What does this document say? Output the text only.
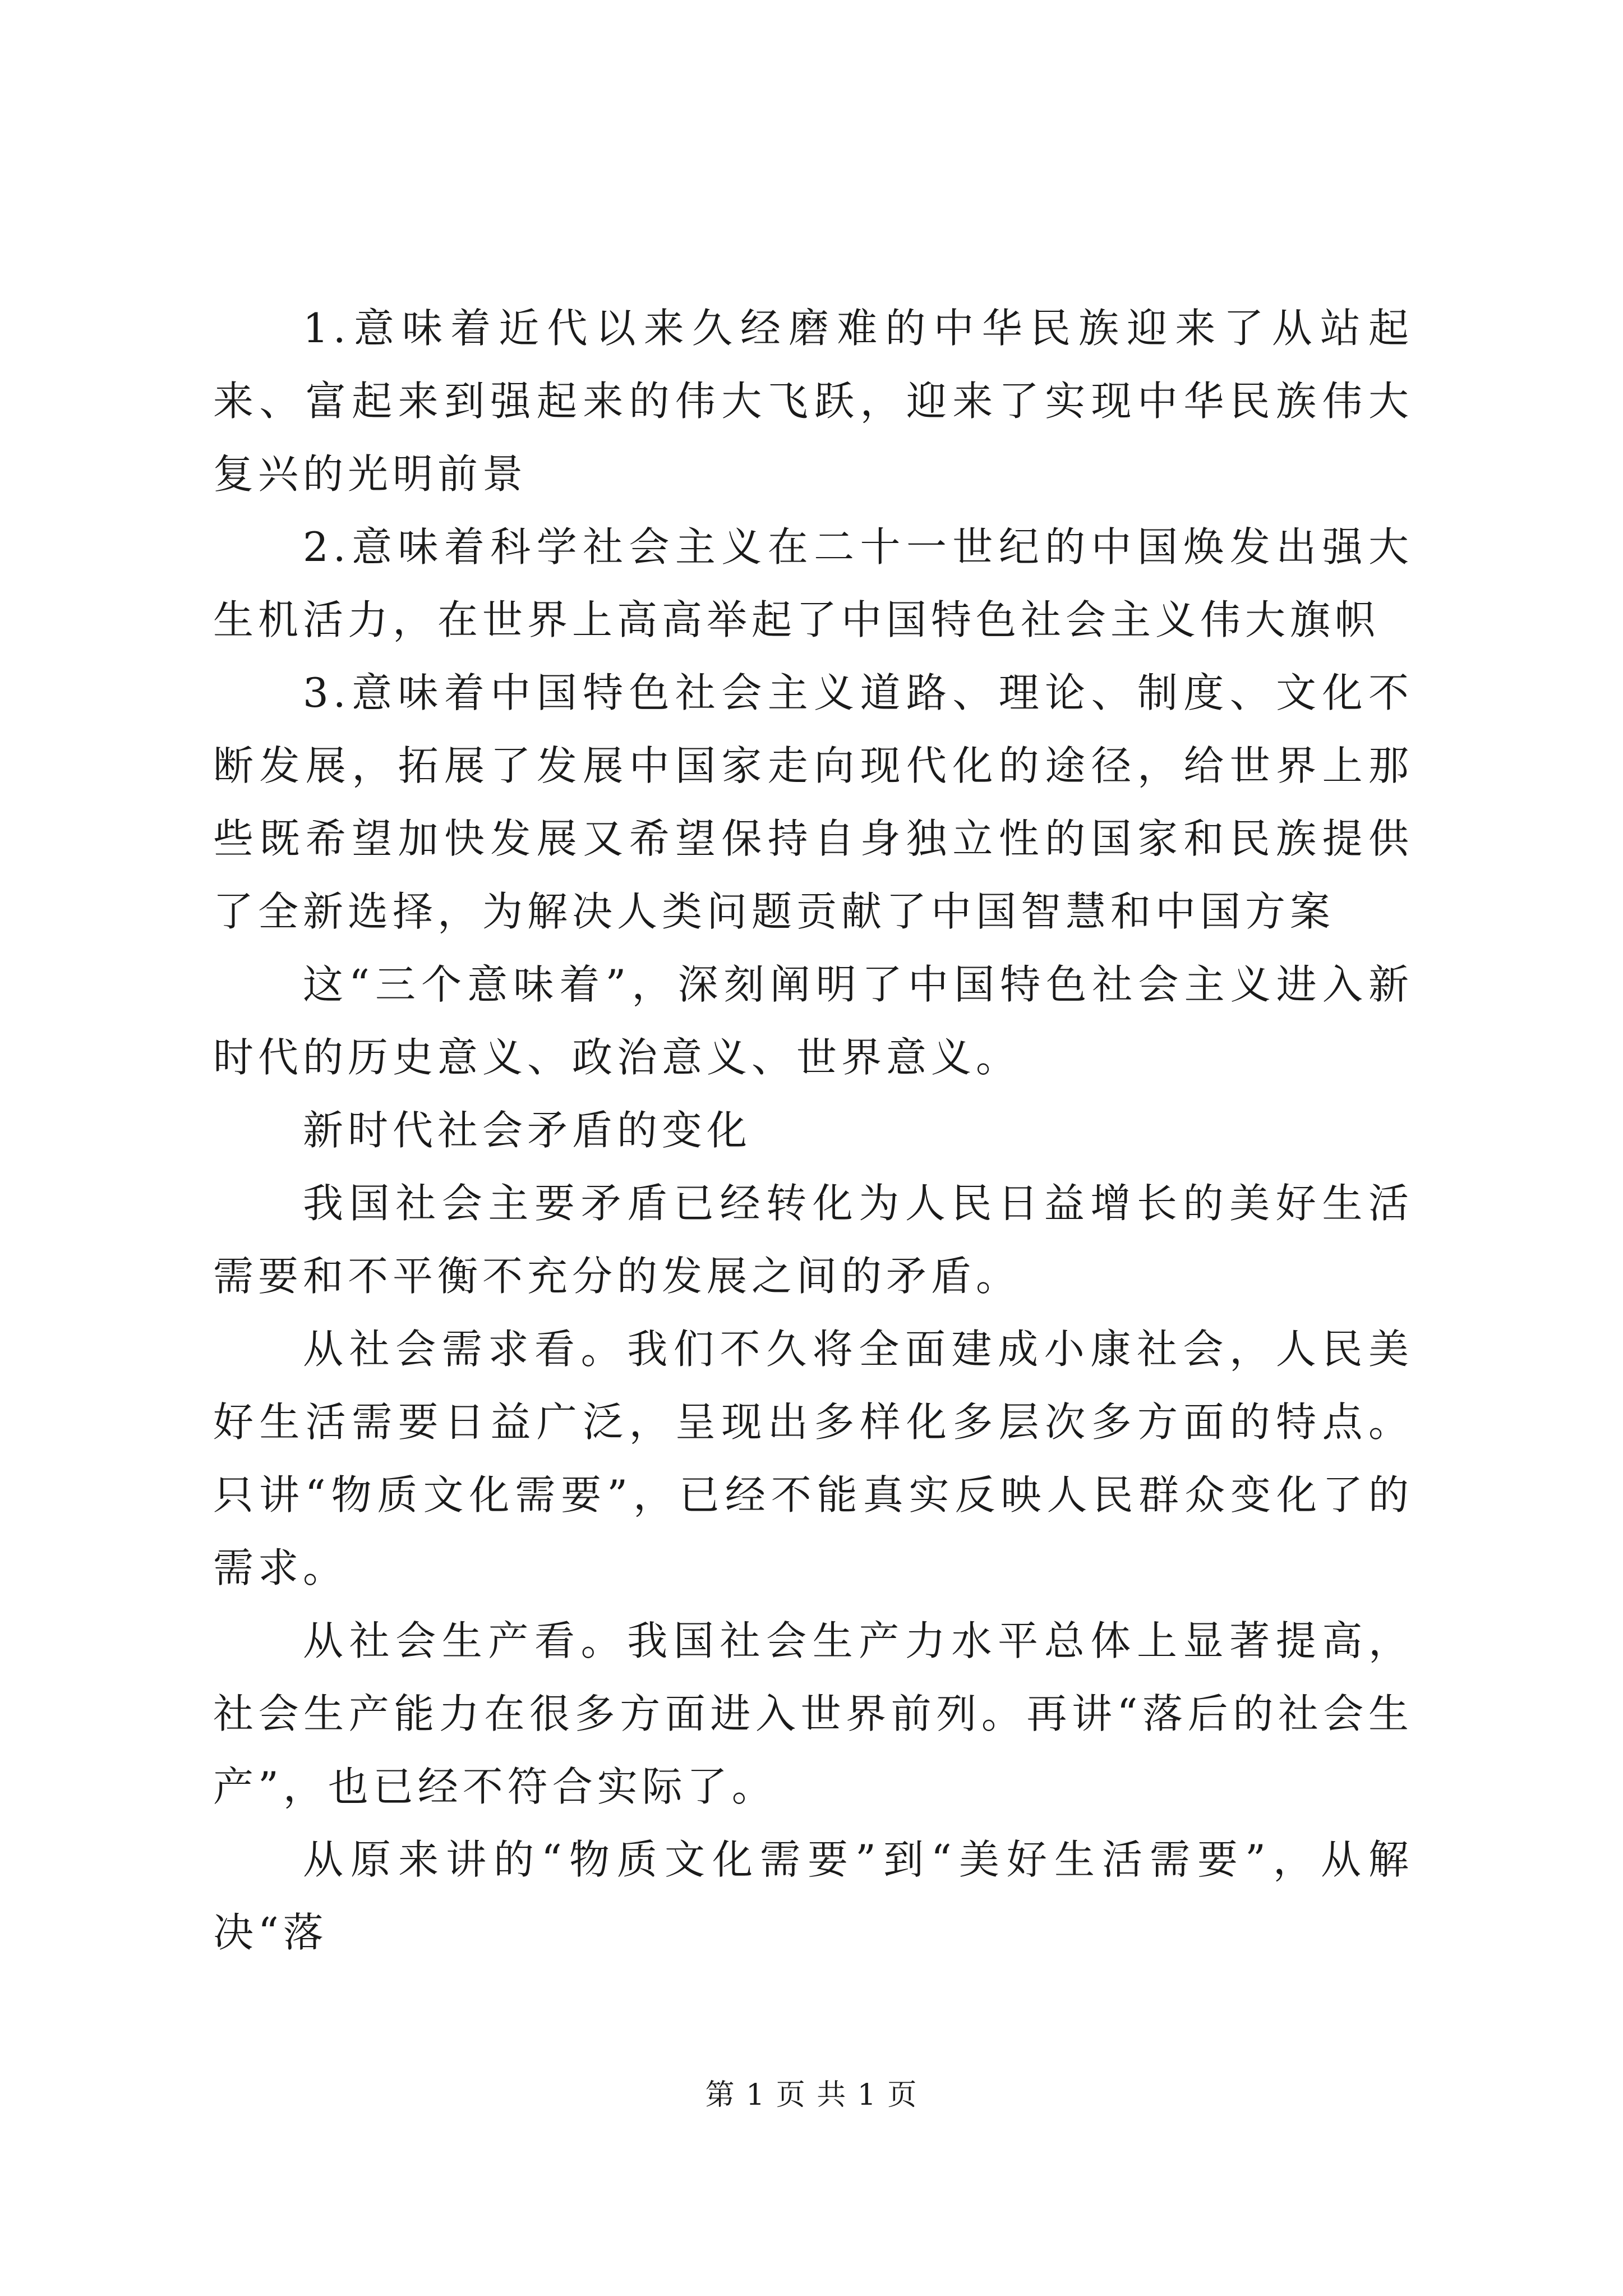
1.意味着近代以来久经磨难的中华民族迎来了从站起来、富起来到强起来的伟大飞跃，迎来了实现中华民族伟大复兴的光明前景

2.意味着科学社会主义在二十一世纪的中国焕发出强大生机活力，在世界上高高举起了中国特色社会主义伟大旗帜

3.意味着中国特色社会主义道路、理论、制度、文化不断发展，拓展了发展中国家走向现代化的途径，给世界上那些既希望加快发展又希望保持自身独立性的国家和民族提供了全新选择，为解决人类问题贡献了中国智慧和中国方案

这“三个意味着”，深刻阐明了中国特色社会主义进入新时代的历史意义、政治意义、世界意义。

新时代社会矛盾的变化

我国社会主要矛盾已经转化为人民日益增长的美好生活需要和不平衡不充分的发展之间的矛盾。

从社会需求看。我们不久将全面建成小康社会，人民美好生活需要日益广泛，呈现出多样化多层次多方面的特点。只讲“物质文化需要”，已经不能真实反映人民群众变化了的需求。

从社会生产看。我国社会生产力水平总体上显著提高，社会生产能力在很多方面进入世界前列。再讲“落后的社会生产”，也已经不符合实际了。

从原来讲的“物质文化需要”到“美好生活需要”，从解决“落

第 1 页 共 1 页
